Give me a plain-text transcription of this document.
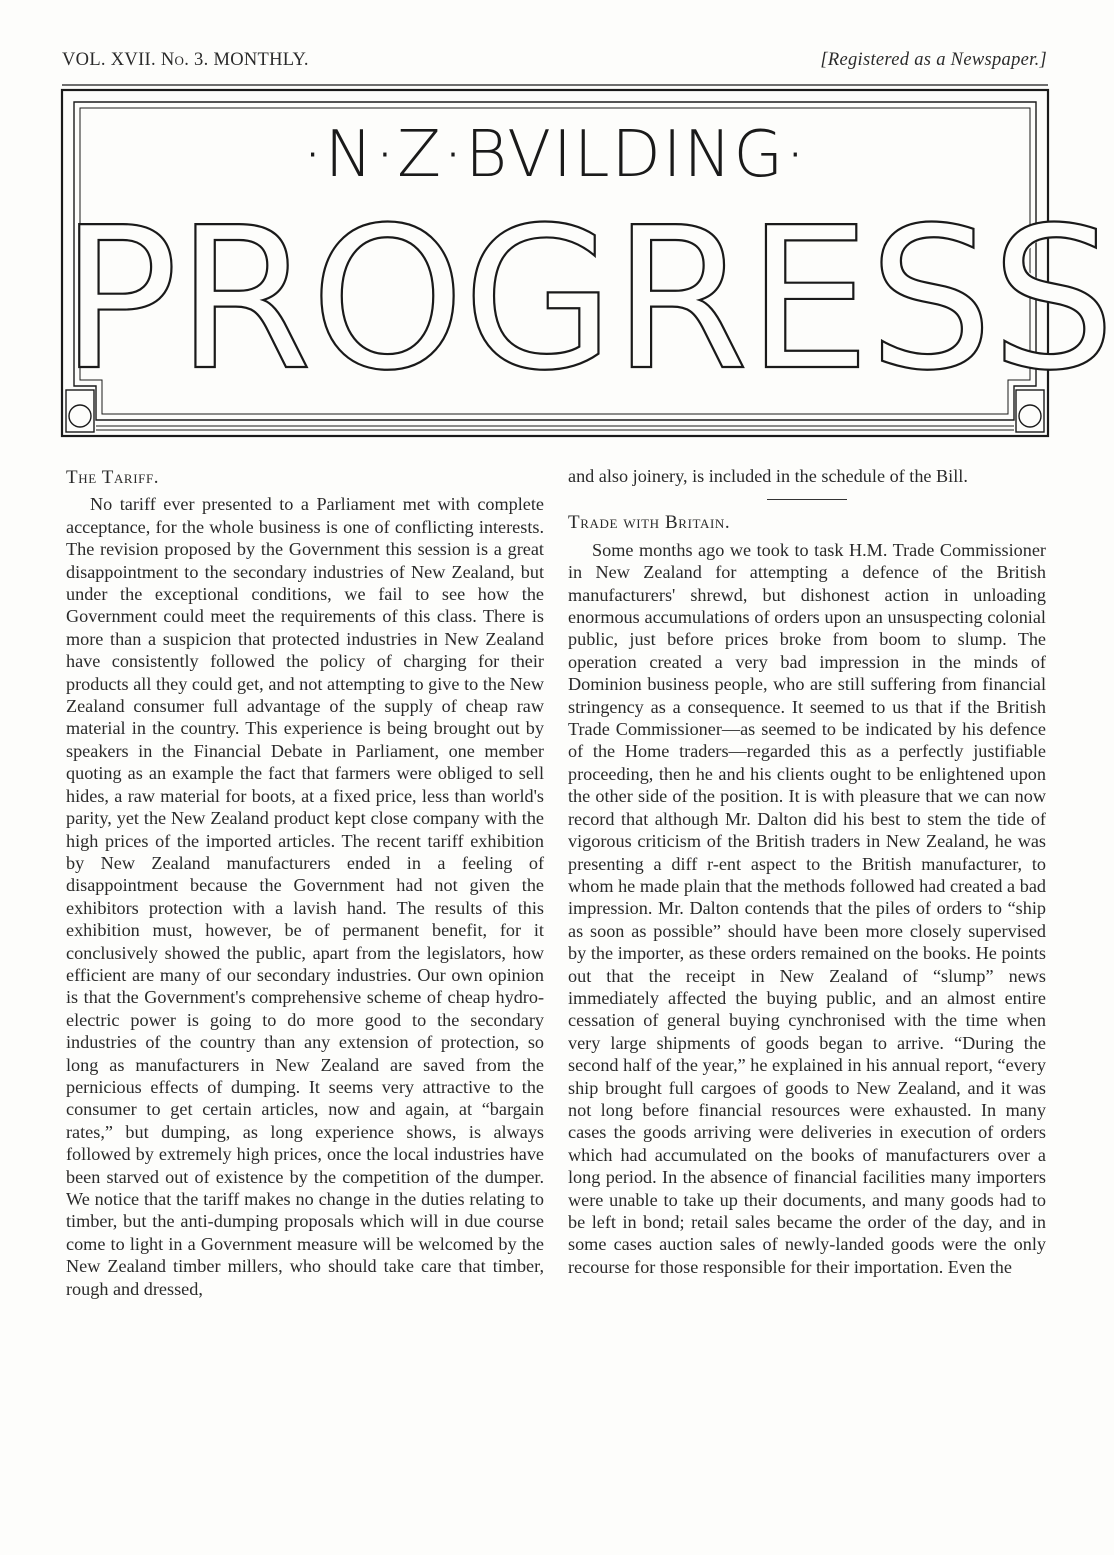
VOL. XVII. No. 3. MONTHLY.	[Registered as a Newspaper.]
·N·Z·BVILDING·
PROGRESS
The Tariff.

No tariff ever presented to a Parliament met with complete acceptance, for the whole business is one of conflicting interests. The revision proposed by the Government this session is a great disappointment to the secondary industries of New Zealand, but under the exceptional conditions, we fail to see how the Government could meet the requirements of this class. There is more than a suspicion that protected industries in New Zealand have consistently followed the policy of charging for their products all they could get, and not attempting to give to the New Zealand consumer full advantage of the supply of cheap raw material in the country. This experience is being brought out by speakers in the Financial Debate in Parliament, one member quoting as an example the fact that farmers were obliged to sell hides, a raw material for boots, at a fixed price, less than world's parity, yet the New Zealand product kept close company with the high prices of the imported articles. The recent tariff exhibition by New Zealand manufacturers ended in a feeling of disappointment because the Government had not given the exhibitors protection with a lavish hand. The results of this exhibition must, however, be of permanent benefit, for it conclusively showed the public, apart from the legislators, how efficient are many of our secondary industries. Our own opinion is that the Government's comprehensive scheme of cheap hydro-electric power is going to do more good to the secondary industries of the country than any extension of protection, so long as manufacturers in New Zealand are saved from the pernicious effects of dumping. It seems very attractive to the consumer to get certain articles, now and again, at “bargain rates,” but dumping, as long experience shows, is always followed by extremely high prices, once the local industries have been starved out of existence by the competition of the dumper. We notice that the tariff makes no change in the duties relating to timber, but the anti-dumping proposals which will in due course come to light in a Government measure will be welcomed by the New Zealand timber millers, who should take care that timber, rough and dressed,

and also joinery, is included in the schedule of the Bill.

Trade with Britain.

Some months ago we took to task H.M. Trade Commissioner in New Zealand for attempting a defence of the British manufacturers' shrewd, but dishonest action in unloading enormous accumulations of orders upon an unsuspecting colonial public, just before prices broke from boom to slump. The operation created a very bad impression in the minds of Dominion business people, who are still suffering from financial stringency as a consequence. It seemed to us that if the British Trade Commissioner—as seemed to be indicated by his defence of the Home traders—regarded this as a perfectly justifiable proceeding, then he and his clients ought to be enlightened upon the other side of the position. It is with pleasure that we can now record that although Mr. Dalton did his best to stem the tide of vigorous criticism of the British traders in New Zealand, he was presenting a diff r-ent aspect to the British manufacturer, to whom he made plain that the methods followed had created a bad impression. Mr. Dalton contends that the piles of orders to “ship as soon as possible” should have been more closely supervised by the importer, as these orders remained on the books. He points out that the receipt in New Zealand of “slump” news immediately affected the buying public, and an almost entire cessation of general buying cynchronised with the time when very large shipments of goods began to arrive. “During the second half of the year,” he explained in his annual report, “every ship brought full cargoes of goods to New Zealand, and it was not long before financial resources were exhausted. In many cases the goods arriving were deliveries in execution of orders which had accumulated on the books of manufacturers over a long period. In the absence of financial facilities many importers were unable to take up their documents, and many goods had to be left in bond; retail sales became the order of the day, and in some cases auction sales of newly-landed goods were the only recourse for those responsible for their importation. Even the
